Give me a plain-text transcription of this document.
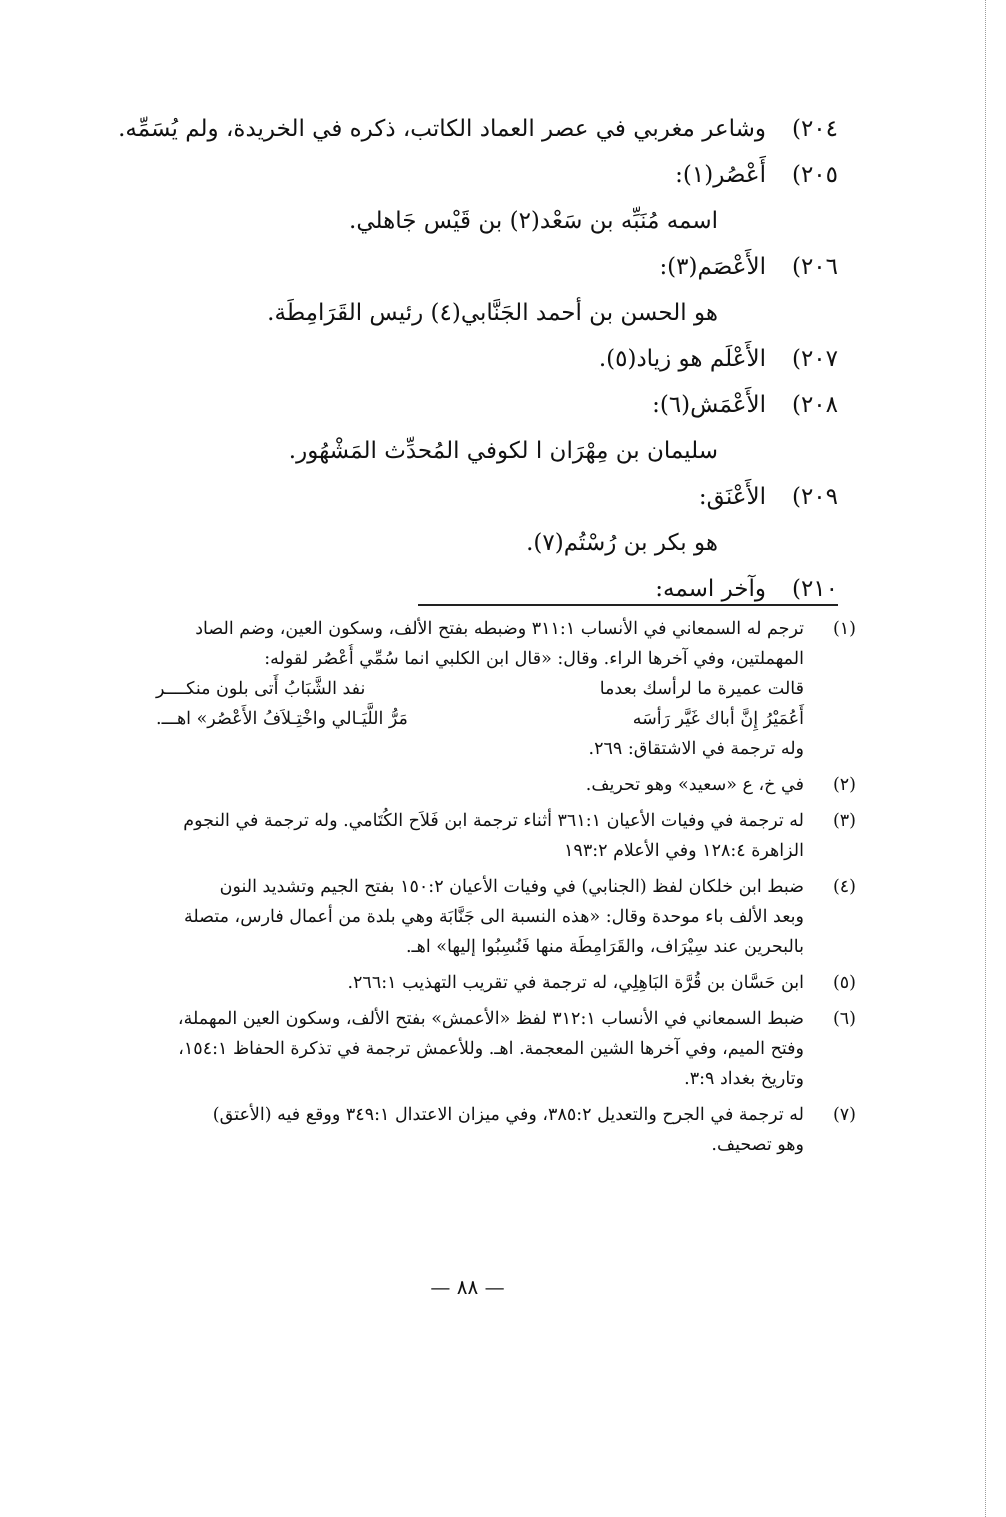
٢٠٤)
وشاعر مغربي في عصر العماد الكاتب، ذكره في الخريدة، ولم يُسَمِّه.
٢٠٥)
أَعْصُر(١):
اسمه مُنَبِّه بن سَعْد(٢) بن قَيْس جَاهلي.
٢٠٦)
الأَعْصَم(٣):
هو الحسن بن أحمد الجَنَّابي(٤) رئيس القَرَامِطَة.
٢٠٧)
الأَعْلَم هو زياد(٥).
٢٠٨)
الأَعْمَش(٦):
سليمان بن مِهْرَان ا لكوفي المُحدِّث المَشْهُور.
٢٠٩)
الأَعْنَق:
هو بكر بن رُسْتُم(٧).
٢١٠)
وآخر اسمه:
(١)
ترجم له السمعاني في الأنساب ٣١١:١ وضبطه بفتح الألف، وسكون العين، وضم الصاد
المهملتين، وفي آخرها الراء. وقال: «قال ابن الكلبي انما سُمِّي أُعْصُر لقوله:
قالت عميرة ما لرأسك بعدما
نفد الشَّبَابُ أَتى بلون منكــــر
أَعُمَيْرُ إِنَّ أباك غَيَّر رَأسَه
مَرُّ اللَّيَـالي واخْتِـلاَفُ الأَعْصُر» اهـــ.
وله ترجمة في الاشتقاق: ٢٦٩.
(٢)
في خ، ع «سعيد» وهو تحريف.
(٣)
له ترجمة في وفيات الأعيان ٣٦١:١ أثناء ترجمة ابن فَلاَح الكُتَامي. وله ترجمة في النجوم
الزاهرة ١٢٨:٤ وفي الأعلام ١٩٣:٢
(٤)
ضبط ابن خلكان لفظ (الجنابي) في وفيات الأعيان ١٥٠:٢ بفتح الجيم وتشديد النون
وبعد الألف باء موحدة وقال: «هذه النسبة الى جَنَّابَة وهي بلدة من أعمال فارس، متصلة
بالبحرين عند سِيْرَاف، والقَرَامِطَة منها فَنُسِبُوا إليها» اهـ.
(٥)
ابن حَسَّان بن قُرَّة البَاهِلِي، له ترجمة في تقريب التهذيب ٢٦٦:١.
(٦)
ضبط السمعاني في الأنساب ٣١٢:١ لفظ «الأعمش» بفتح الألف، وسكون العين المهملة،
وفتح الميم، وفي آخرها الشين المعجمة. اهـ. وللأعمش ترجمة في تذكرة الحفاظ ١٥٤:١،
وتاريخ بغداد ٣:٩.
(٧)
له ترجمة في الجرح والتعديل ٣٨٥:٢، وفي ميزان الاعتدال ٣٤٩:١ ووقع فيه (الأعتق)
وهو تصحيف.
— ٨٨ —
